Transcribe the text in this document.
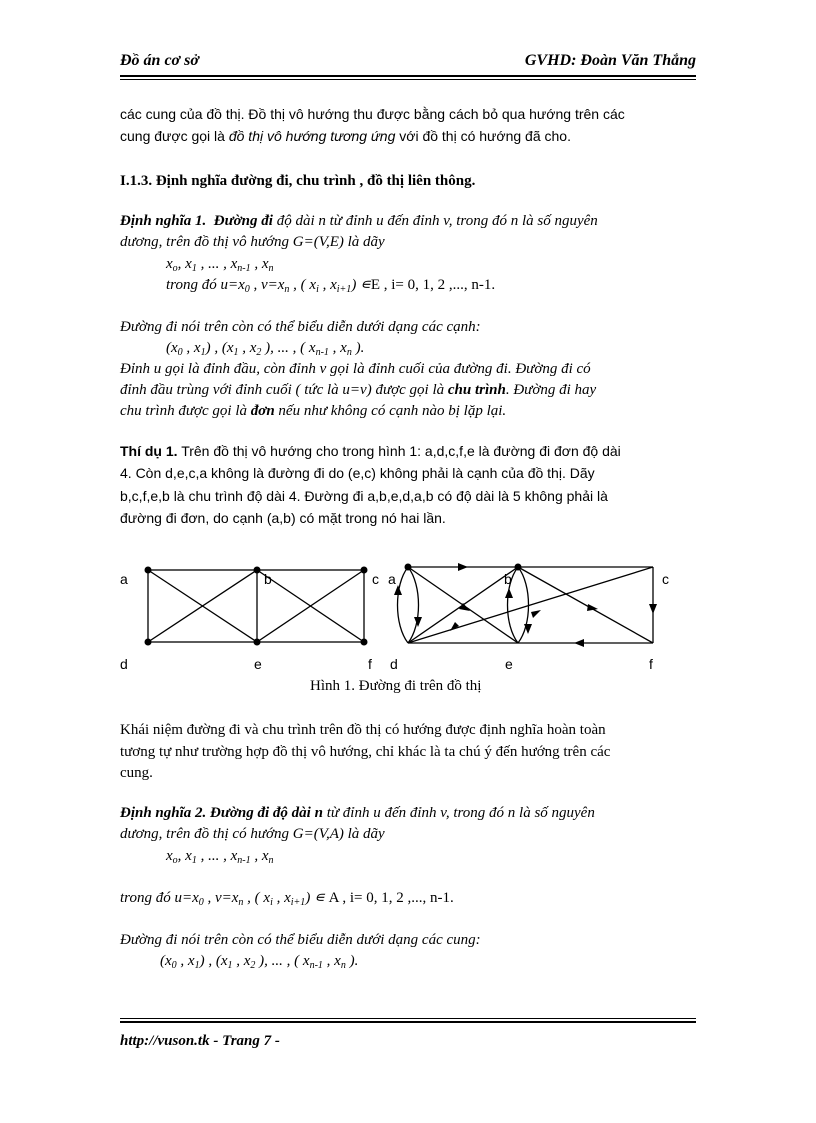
Đồ án cơ sở	GVHD: Đoàn Văn Thắng
các cung của đồ thị. Đồ thị vô hướng thu được bằng cách bỏ qua hướng trên các
cung được gọi là đồ thị vô hướng tương ứng với đồ thị có hướng đã cho.
I.1.3. Định nghĩa đường đi, chu trình , đồ thị liên thông.
Định nghĩa 1. Đường đi độ dài n từ đỉnh u đến đỉnh v, trong đó n là số nguyên
dương, trên đồ thị vô hướng G=(V,E) là dãy
$x_o$, $x_1$ , ... , $x_{n-1}$ , $x_n$
trong đó $u=x_0$ , $v=x_n$ , ( $x_i$ , $x_{i+1}$) ∊E , i= 0, 1, 2 ,..., n-1.
Đường đi nói trên còn có thể biểu diễn dưới dạng các cạnh:
($x_0$ , $x_1$) , ($x_1$ , $x_2$ ), ... , ( $x_{n-1}$ , $x_n$ ).
Đỉnh u gọi là đỉnh đầu, còn đỉnh v gọi là đỉnh cuối của đường đi. Đường đi có
đỉnh đầu trùng với đỉnh cuối ( tức là u=v) được gọi là chu trình. Đường đi hay
chu trình được gọi là đơn nếu như không có cạnh nào bị lặp lại.
Thí dụ 1. Trên đồ thị vô hướng cho trong hình 1: a,d,c,f,e là đường đi đơn độ dài
4. Còn d,e,c,a không là đường đi do (e,c) không phải là cạnh của đồ thị. Dãy
b,c,f,e,b là chu trình độ dài 4. Đường đi a,b,e,d,a,b có độ dài là 5 không phải là
đường đi đơn, do cạnh (a,b) có mặt trong nó hai lần.
a	b	c
d	e	f
a	b	c
d	e	f
Hình 1. Đường đi trên đồ thị
Khái niệm đường đi và chu trình trên đồ thị có hướng được định nghĩa hoàn toàn
tương tự như trường hợp đồ thị vô hướng, chỉ khác là ta chú ý đến hướng trên các
cung.
Định nghĩa 2. Đường đi độ dài n từ đỉnh u đến đỉnh v, trong đó n là số nguyên
dương, trên đồ thị có hướng G=(V,A) là dãy
$x_o$, $x_1$ , ... , $x_{n-1}$ , $x_n$
trong đó $u=x_0$ , $v=x_n$ , ( $x_i$ , $x_{i+1}$) ∊ A , i= 0, 1, 2 ,..., n-1.
Đường đi nói trên còn có thể biểu diễn dưới dạng các cung:
($x_0$ , $x_1$) , ($x_1$ , $x_2$ ), ... , ( $x_{n-1}$ , $x_n$ ).
http://vuson.tk - Trang 7 -
